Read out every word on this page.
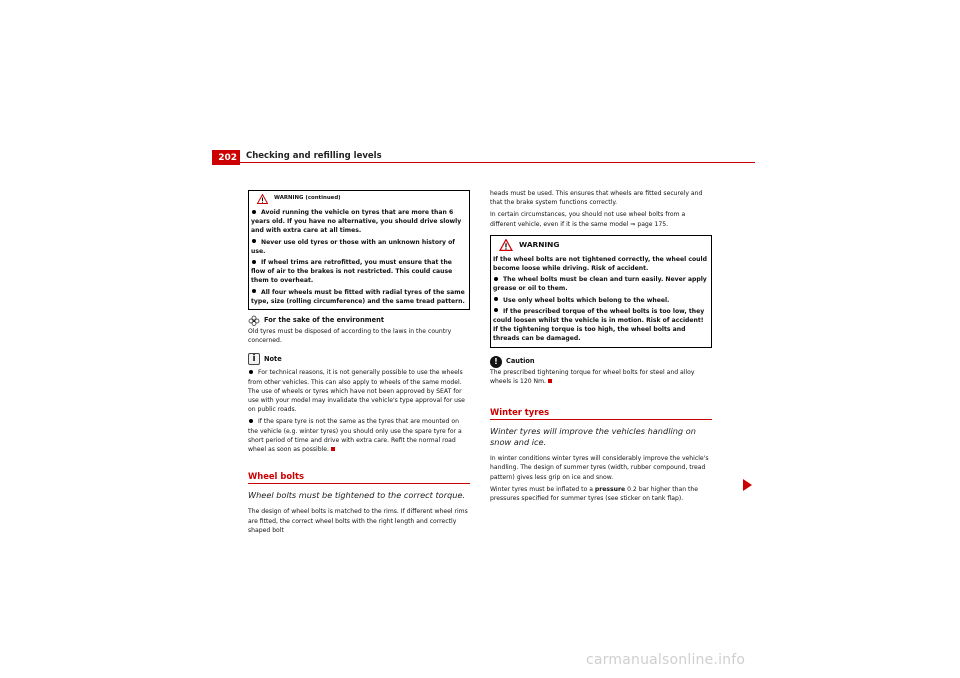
202	Checking and refilling levels
WARNING (continued)
Avoid running the vehicle on tyres that are more than 6 years old. If you have no alternative, you should drive slowly and with extra care at all times.
Never use old tyres or those with an unknown history of use.
If wheel trims are retrofitted, you must ensure that the flow of air to the brakes is not restricted. This could cause them to overheat.
All four wheels must be fitted with radial tyres of the same type, size (rolling circumference) and the same tread pattern.
For the sake of the environment

Old tyres must be disposed of according to the laws in the country concerned.

i	Note
For technical reasons, it is not generally possible to use the wheels from other vehicles. This can also apply to wheels of the same model. The use of wheels or tyres which have not been approved by SEAT for use with your model may invalidate the vehicle's type approval for use on public roads.
If the spare tyre is not the same as the tyres that are mounted on the vehicle (e.g. winter tyres) you should only use the spare tyre for a short period of time and drive with extra care. Refit the normal road wheel as soon as possible.
Wheel bolts
Wheel bolts must be tightened to the correct torque.

The design of wheel bolts is matched to the rims. If different wheel rims are fitted, the correct wheel bolts with the right length and correctly shaped bolt

heads must be used. This ensures that wheels are fitted securely and that the brake system functions correctly.

In certain circumstances, you should not use wheel bolts from a different vehicle, even if it is the same model ⇒ page 175.

WARNING
If the wheel bolts are not tightened correctly, the wheel could become loose while driving. Risk of accident.
The wheel bolts must be clean and turn easily. Never apply grease or oil to them.
Use only wheel bolts which belong to the wheel.
If the prescribed torque of the wheel bolts is too low, they could loosen whilst the vehicle is in motion. Risk of accident! If the tightening torque is too high, the wheel bolts and threads can be damaged.
!	Caution

The prescribed tightening torque for wheel bolts for steel and alloy wheels is 120 Nm.

Winter tyres
Winter tyres will improve the vehicles handling on snow and ice.

In winter conditions winter tyres will considerably improve the vehicle's handling. The design of summer tyres (width, rubber compound, tread pattern) gives less grip on ice and snow.

Winter tyres must be inflated to a pressure 0.2 bar higher than the pressures specified for summer tyres (see sticker on tank flap).

carmanualsonline.info
